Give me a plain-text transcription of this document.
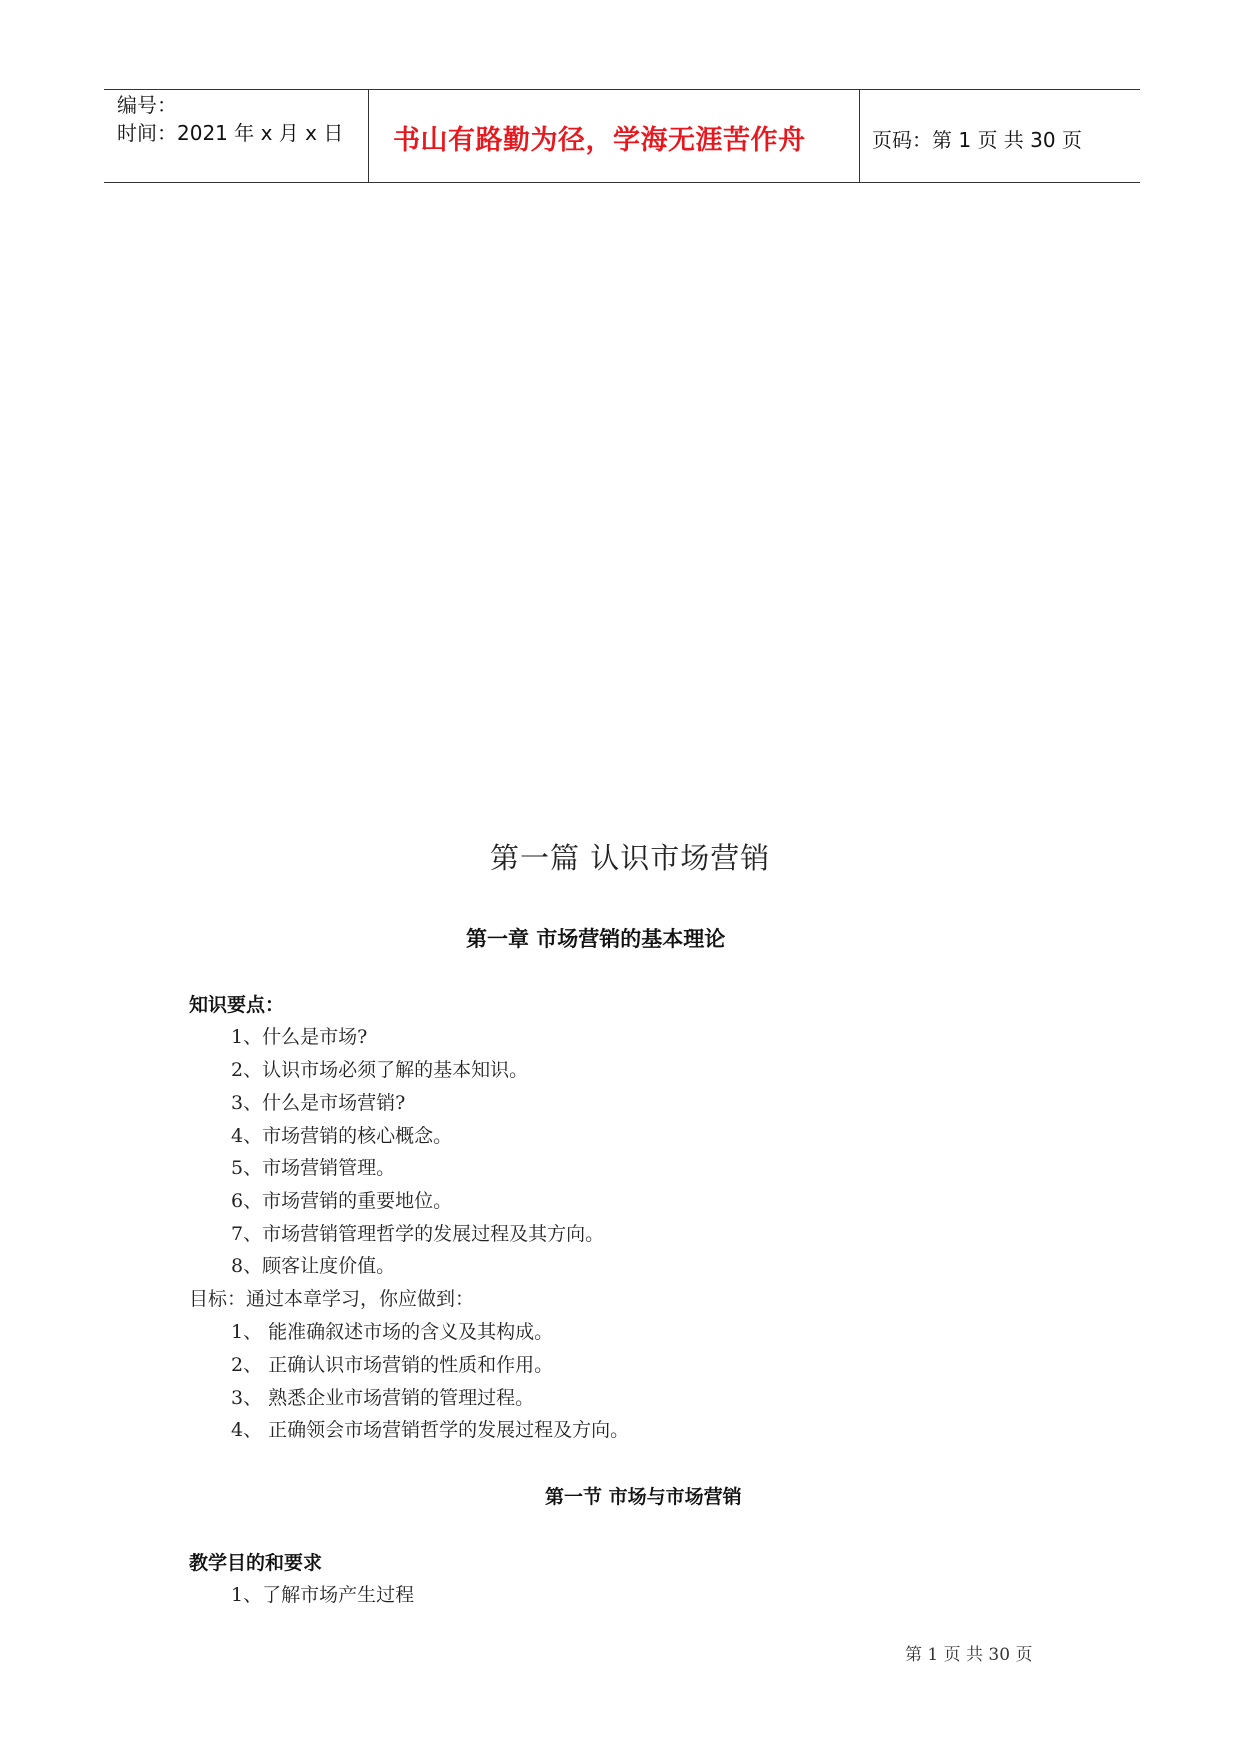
编号：
时间：2021 年 x 月 x 日 书山有路勤为径，学海无涯苦作舟	页码：第 1 页 共 30 页
第一篇 认识市场营销
第一章 市场营销的基本理论
知识要点：
1、什么是市场?
2、认识市场必须了解的基本知识。
3、什么是市场营销?
4、市场营销的核心概念。
5、市场营销管理。
6、市场营销的重要地位。
7、市场营销管理哲学的发展过程及其方向。
8、顾客让度价值。
目标：通过本章学习，你应做到：
1、 能准确叙述市场的含义及其构成。
2、 正确认识市场营销的性质和作用。
3、 熟悉企业市场营销的管理过程。
4、 正确领会市场营销哲学的发展过程及方向。
第一节 市场与市场营销
教学目的和要求
1、了解市场产生过程
第 1 页 共 30 页
